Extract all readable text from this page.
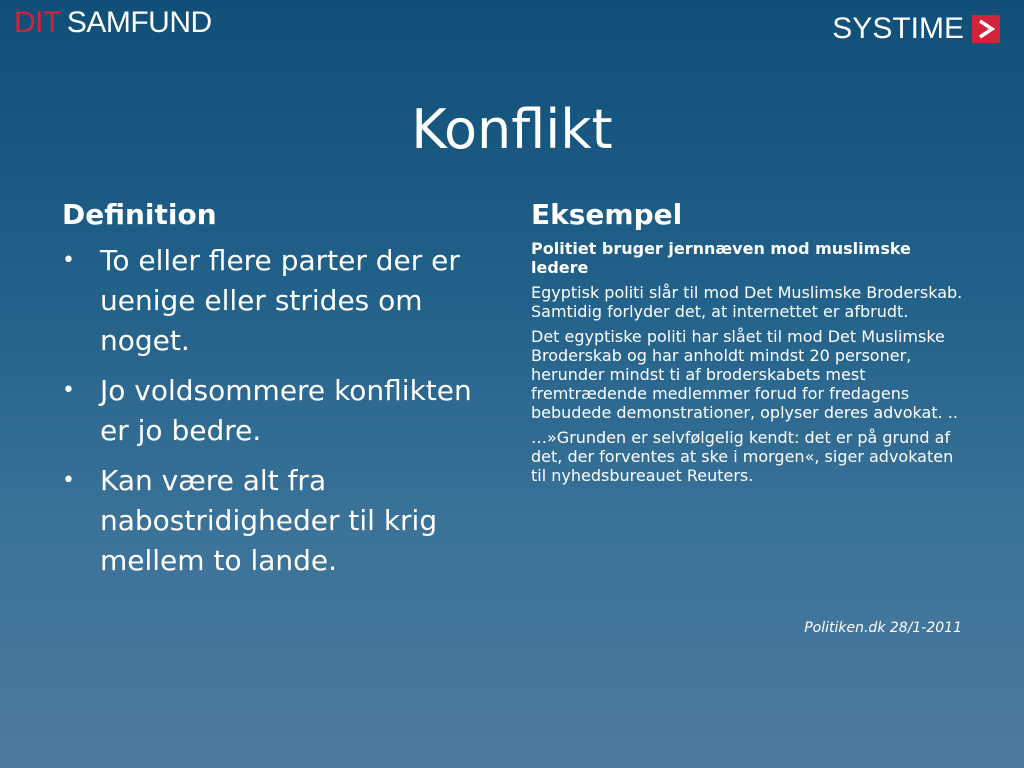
DIT SAMFUND	SYSTIME
Konflikt
Definition
• To eller flere parter der er uenige eller strides om noget.
• Jo voldsommere konflikten er jo bedre.
• Kan være alt fra nabostridigheder til krig mellem to lande.
Eksempel
Politiet bruger jernnæven mod muslimske ledere
Egyptisk politi slår til mod Det Muslimske Broderskab. Samtidig forlyder det, at internettet er afbrudt.
Det egyptiske politi har slået til mod Det Muslimske Broderskab og har anholdt mindst 20 personer, herunder mindst ti af broderskabets mest fremtrædende medlemmer forud for fredagens bebudede demonstrationer, oplyser deres advokat. ..
…»Grunden er selvfølgelig kendt: det er på grund af det, der forventes at ske i morgen«, siger advokaten til nyhedsbureauet Reuters.
Politiken.dk 28/1-2011
